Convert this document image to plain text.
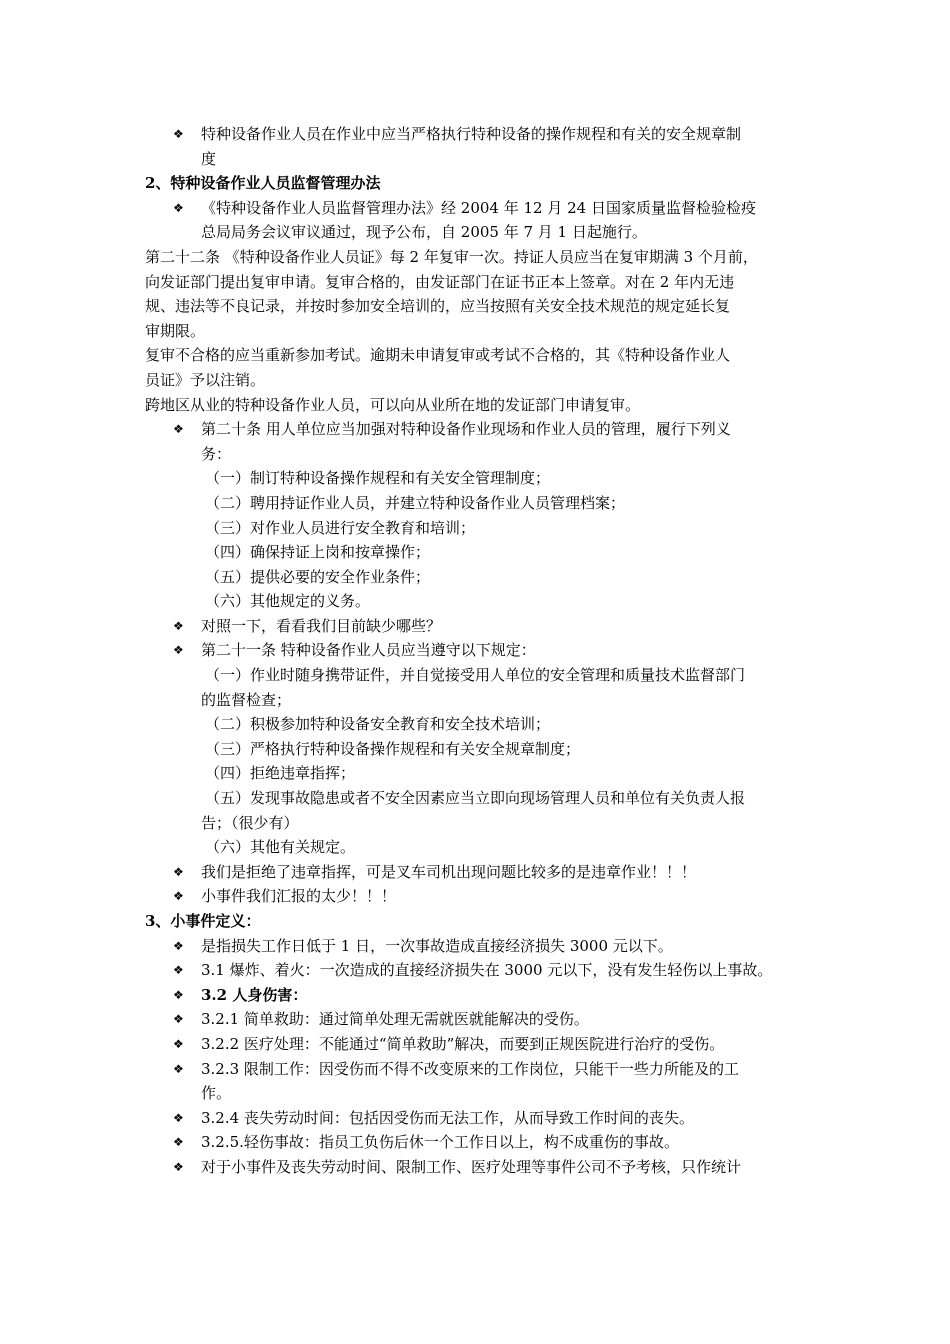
❖ 特种设备作业人员在作业中应当严格执行特种设备的操作规程和有关的安全规章制
度
2、特种设备作业人员监督管理办法
❖ 《特种设备作业人员监督管理办法》经 2004 年 12 月 24 日国家质量监督检验检疫
总局局务会议审议通过，现予公布，自 2005 年 7 月 1 日起施行。
第二十二条 《特种设备作业人员证》每 2 年复审一次。持证人员应当在复审期满 3 个月前，
向发证部门提出复审申请。复审合格的，由发证部门在证书正本上签章。对在 2 年内无违
规、违法等不良记录，并按时参加安全培训的，应当按照有关安全技术规范的规定延长复
审期限。
复审不合格的应当重新参加考试。逾期未申请复审或考试不合格的，其《特种设备作业人
员证》予以注销。
跨地区从业的特种设备作业人员，可以向从业所在地的发证部门申请复审。
❖ 第二十条 用人单位应当加强对特种设备作业现场和作业人员的管理，履行下列义
务：
（一）制订特种设备操作规程和有关安全管理制度；
（二）聘用持证作业人员，并建立特种设备作业人员管理档案；
（三）对作业人员进行安全教育和培训；
（四）确保持证上岗和按章操作；
（五）提供必要的安全作业条件；
（六）其他规定的义务。
❖ 对照一下，看看我们目前缺少哪些？
❖ 第二十一条 特种设备作业人员应当遵守以下规定：
（一）作业时随身携带证件，并自觉接受用人单位的安全管理和质量技术监督部门
的监督检查；
（二）积极参加特种设备安全教育和安全技术培训；
（三）严格执行特种设备操作规程和有关安全规章制度；
（四）拒绝违章指挥；
（五）发现事故隐患或者不安全因素应当立即向现场管理人员和单位有关负责人报
告；（很少有）
（六）其他有关规定。
❖ 我们是拒绝了违章指挥，可是叉车司机出现问题比较多的是违章作业！！！
❖ 小事件我们汇报的太少！！！
3、小事件定义：
❖ 是指损失工作日低于 1 日，一次事故造成直接经济损失 3000 元以下。
❖ 3.1 爆炸、着火：一次造成的直接经济损失在 3000 元以下，没有发生轻伤以上事故。
❖ 3.2 人身伤害：
❖ 3.2.1 简单救助：通过简单处理无需就医就能解决的受伤。
❖ 3.2.2 医疗处理：不能通过“简单救助”解决，而要到正规医院进行治疗的受伤。
❖ 3.2.3 限制工作：因受伤而不得不改变原来的工作岗位，只能干一些力所能及的工
作。
❖ 3.2.4 丧失劳动时间：包括因受伤而无法工作，从而导致工作时间的丧失。
❖ 3.2.5.轻伤事故：指员工负伤后休一个工作日以上，构不成重伤的事故。
❖ 对于小事件及丧失劳动时间、限制工作、医疗处理等事件公司不予考核，只作统计
